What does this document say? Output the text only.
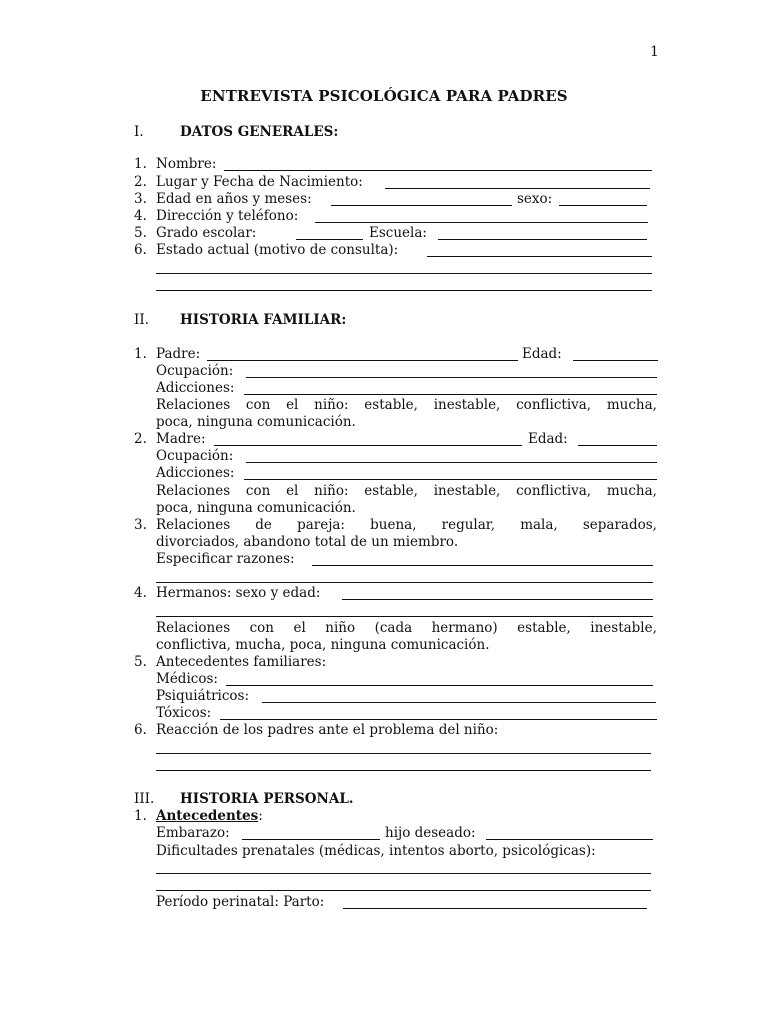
1
ENTREVISTA PSICOLÓGICA PARA PADRES
I.	DATOS GENERALES:
1. Nombre:
2. Lugar y Fecha de Nacimiento:
3. Edad en años y meses:	sexo:
4. Dirección y teléfono:
5. Grado escolar:	Escuela:
6. Estado actual (motivo de consulta):
II. HISTORIA FAMILIAR:
1. Padre:	Edad:
Ocupación:
Adicciones:
Relaciones con el niño: estable, inestable, conflictiva, mucha,
poca, ninguna comunicación.
2. Madre:	Edad:
Ocupación:
Adicciones:
Relaciones con el niño: estable, inestable, conflictiva, mucha,
poca, ninguna comunicación.
3. Relaciones de pareja: buena, regular, mala, separados,
divorciados, abandono total de un miembro.
Especificar razones:
4. Hermanos: sexo y edad:
Relaciones con el niño (cada hermano) estable, inestable,
conflictiva, mucha, poca, ninguna comunicación.
5. Antecedentes familiares:
Médicos:
Psiquiátricos:
Tóxicos:
6. Reacción de los padres ante el problema del niño:
III. HISTORIA PERSONAL.
1. Antecedentes:
Embarazo:	hijo deseado:
Dificultades prenatales (médicas, intentos aborto, psicológicas):
Período perinatal: Parto:
